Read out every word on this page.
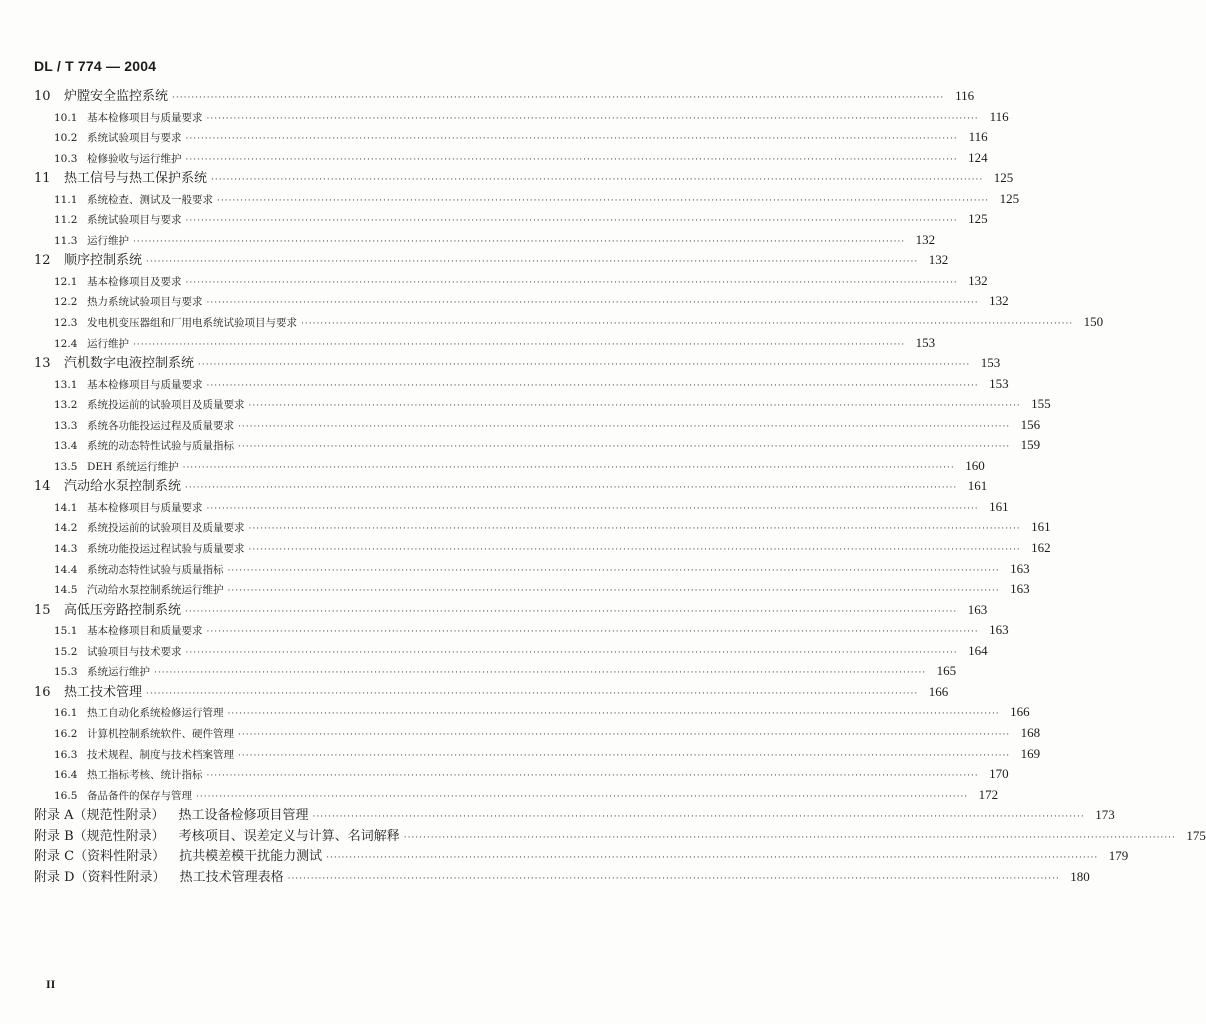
DL / T 774 — 2004
10	炉膛安全监控系统 ········································································································································································································ 116
10.1 基本检修项目与质量要求 ········································································································································································································ 116
10.2 系统试验项目与要求 ········································································································································································································ 116
10.3 检修验收与运行维护 ········································································································································································································ 124
11	热工信号与热工保护系统 ········································································································································································································ 125
11.1 系统检查、测试及一般要求 ········································································································································································································ 125
11.2 系统试验项目与要求 ········································································································································································································ 125
11.3 运行维护 ········································································································································································································ 132
12	顺序控制系统 ········································································································································································································ 132
12.1 基本检修项目及要求 ········································································································································································································ 132
12.2 热力系统试验项目与要求 ········································································································································································································ 132
12.3 发电机变压器组和厂用电系统试验项目与要求 ········································································································································································································ 150
12.4 运行维护 ········································································································································································································ 153
13	汽机数字电液控制系统 ········································································································································································································ 153
13.1 基本检修项目与质量要求 ········································································································································································································ 153
13.2 系统投运前的试验项目及质量要求 ········································································································································································································ 155
13.3 系统各功能投运过程及质量要求 ········································································································································································································ 156
13.4 系统的动态特性试验与质量指标 ········································································································································································································ 159
13.5 DEH 系统运行维护 ········································································································································································································ 160
14	汽动给水泵控制系统 ········································································································································································································ 161
14.1 基本检修项目与质量要求 ········································································································································································································ 161
14.2 系统投运前的试验项目及质量要求 ········································································································································································································ 161
14.3 系统功能投运过程试验与质量要求 ········································································································································································································ 162
14.4 系统动态特性试验与质量指标 ········································································································································································································ 163
14.5 汽动给水泵控制系统运行维护 ········································································································································································································ 163
15	高低压旁路控制系统 ········································································································································································································ 163
15.1 基本检修项目和质量要求 ········································································································································································································ 163
15.2 试验项目与技术要求 ········································································································································································································ 164
15.3 系统运行维护 ········································································································································································································ 165
16	热工技术管理 ········································································································································································································ 166
16.1 热工自动化系统检修运行管理 ········································································································································································································ 166
16.2 计算机控制系统软件、硬件管理 ········································································································································································································ 168
16.3 技术规程、制度与技术档案管理 ········································································································································································································ 169
16.4 热工指标考核、统计指标 ········································································································································································································ 170
16.5 备品备件的保存与管理 ········································································································································································································ 172
附录 A（规范性附录）	热工设备检修项目管理 ········································································································································································································ 173
附录 B（规范性附录）	考核项目、误差定义与计算、名词解释 ········································································································································································································ 175
附录 C（资料性附录）	抗共模差模干扰能力测试 ········································································································································································································ 179
附录 D（资料性附录）	热工技术管理表格 ········································································································································································································ 180
II
